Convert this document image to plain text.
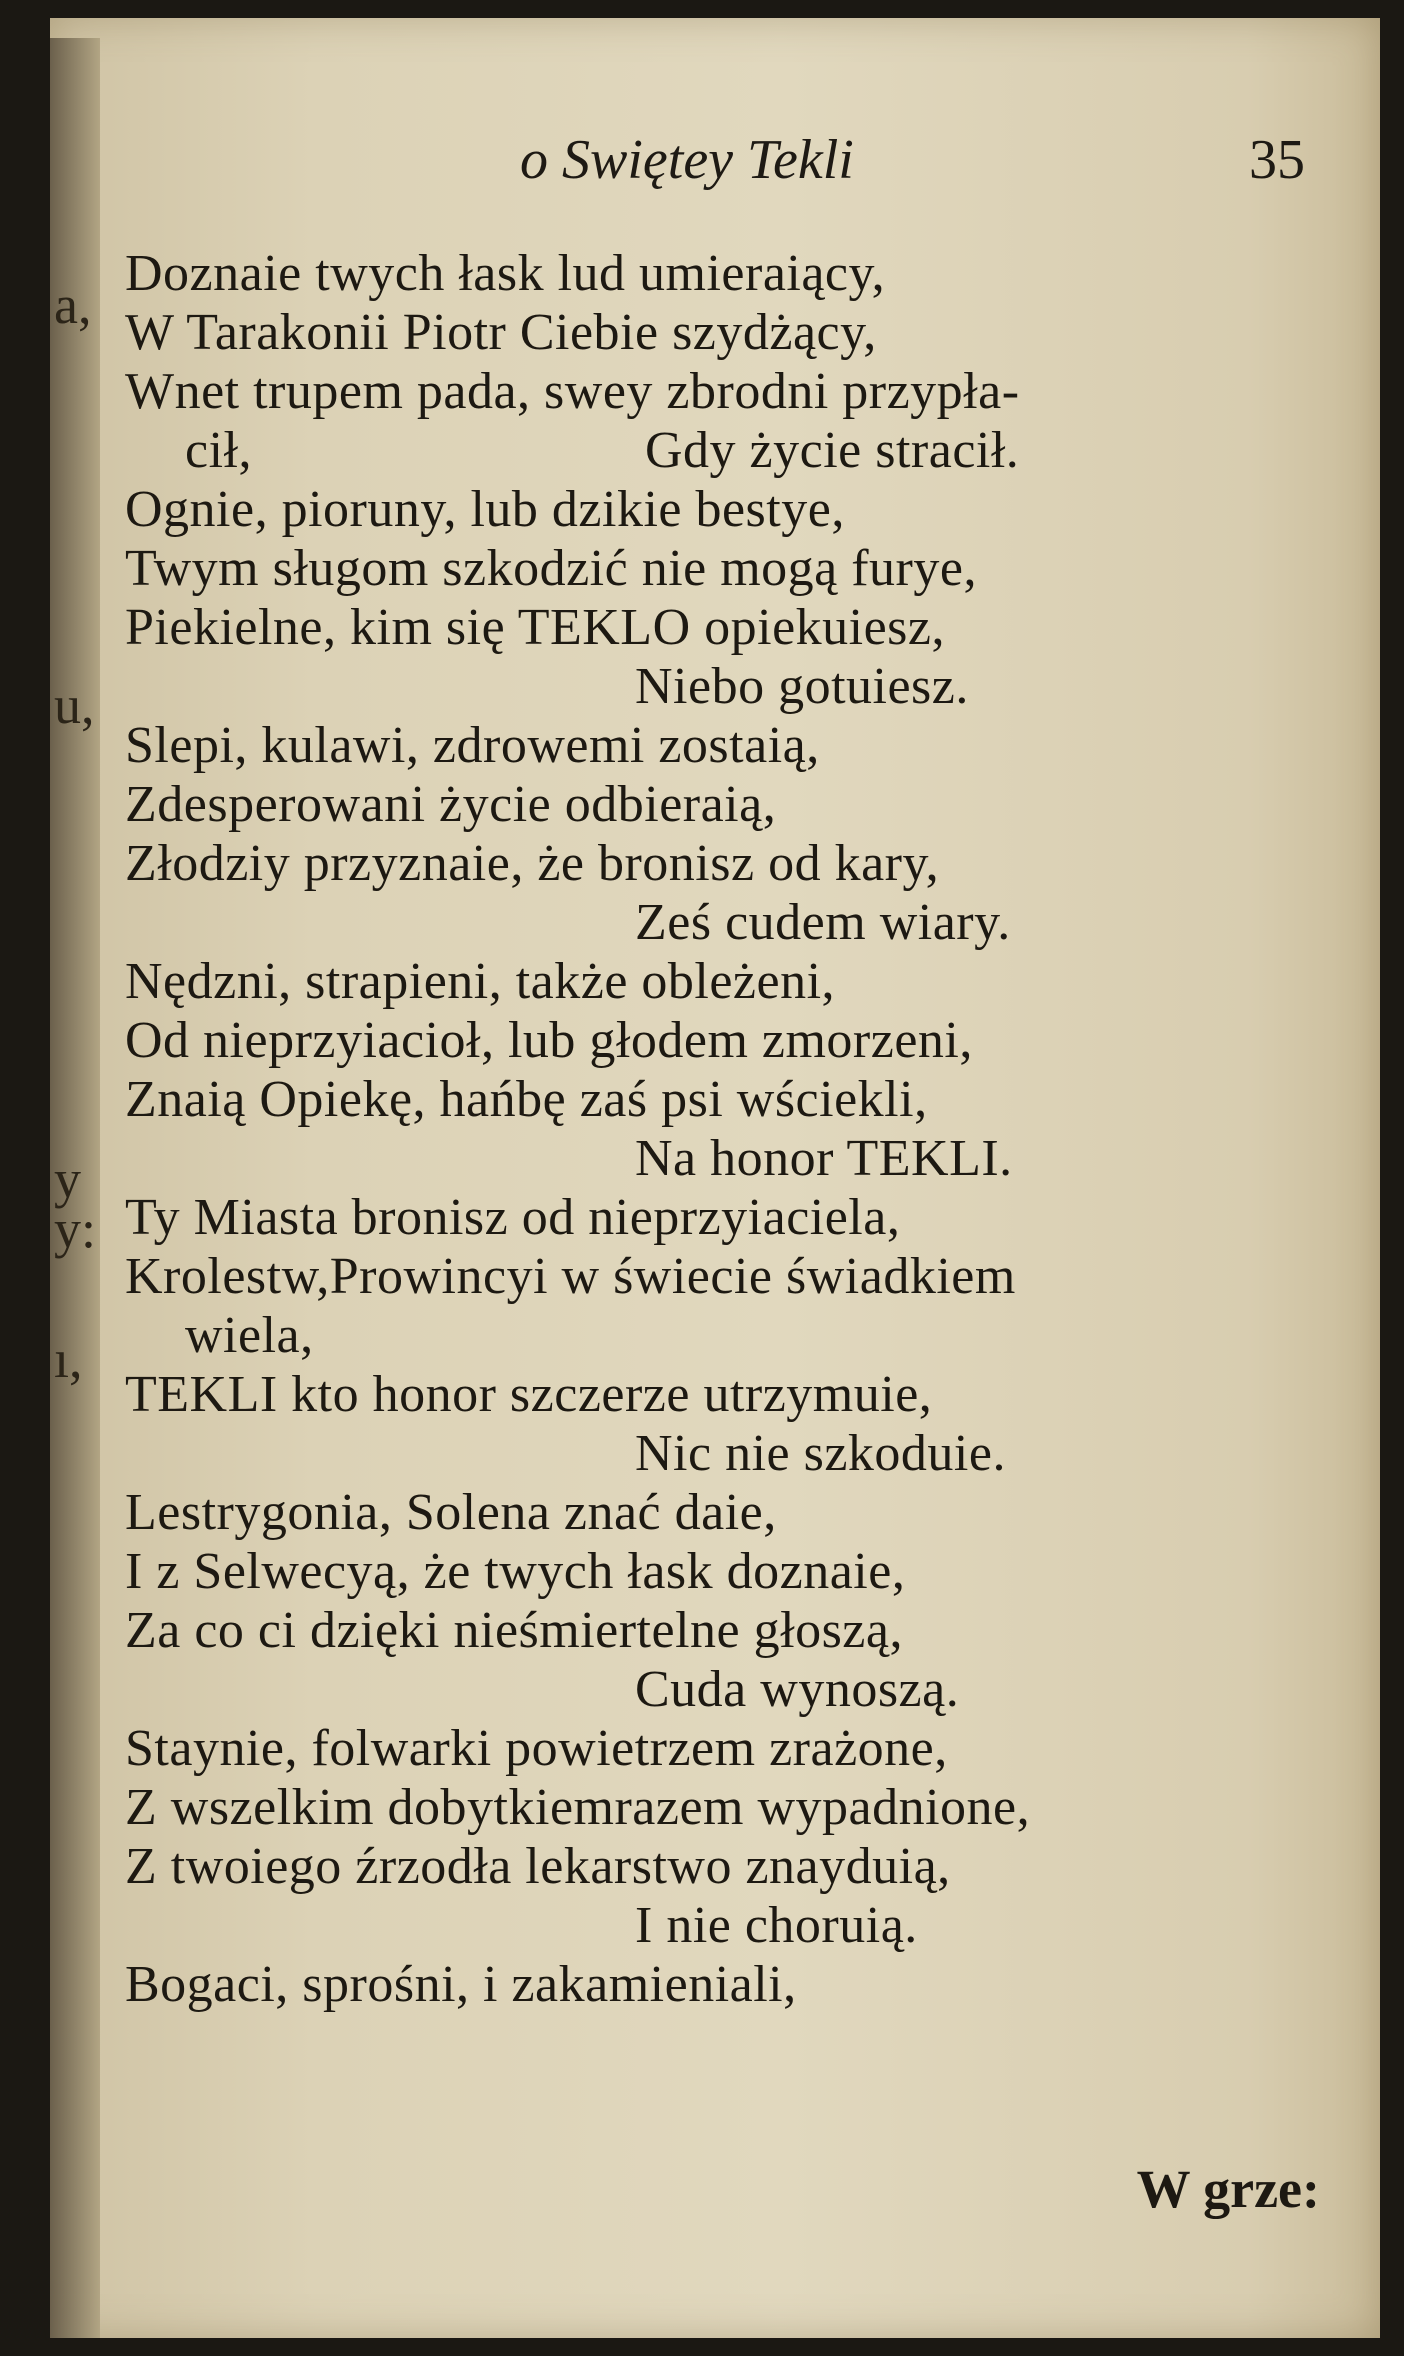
a,
u,
y
y:
ı,
o Swiętey Tekli	35
Doznaie twych łask lud umieraiący,
W Tarakonii Piotr Ciebie szydżący,
Wnet trupem pada, swey zbrodni przypła-
cił,	Gdy życie stracił.
Ognie, pioruny, lub dzikie bestye,
Twym sługom szkodzić nie mogą furye,
Piekielne, kim się TEKLO opiekuiesz,
Niebo gotuiesz.
Slepi, kulawi, zdrowemi zostaią,
Zdesperowani życie odbieraią,
Złodziy przyznaie, że bronisz od kary,
Ześ cudem wiary.
Nędzni, strapieni, także obleżeni,
Od nieprzyiacioł, lub głodem zmorzeni,
Znaią Opiekę, hańbę zaś psi wściekli,
Na honor TEKLI.
Ty Miasta bronisz od nieprzyiaciela,
Krolestw,Prowincyi w świecie świadkiem
wiela,
TEKLI kto honor szczerze utrzymuie,
Nic nie szkoduie.
Lestrygonia, Solena znać daie,
I z Selwecyą, że twych łask doznaie,
Za co ci dzięki nieśmiertelne głoszą,
Cuda wynoszą.
Staynie, folwarki powietrzem zrażone,
Z wszelkim dobytkiemrazem wypadnione,
Z twoiego źrzodła lekarstwo znayduią,
I nie choruią.
Bogaci, sprośni, i zakamieniali,
W grze:
